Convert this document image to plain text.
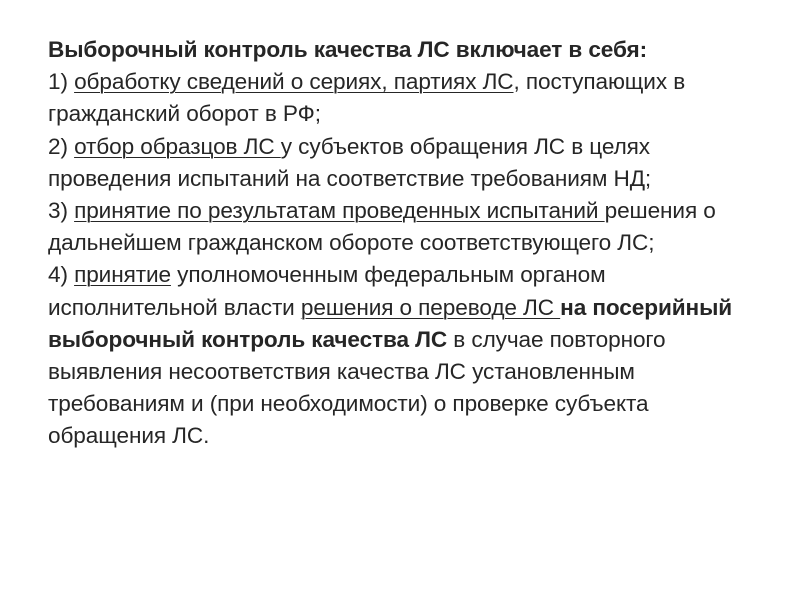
Выборочный контроль качества ЛС включает в себя:
1) обработку сведений о сериях, партиях ЛС, поступающих в гражданский оборот в РФ;
2) отбор образцов ЛС у субъектов обращения ЛС в целях проведения испытаний на соответствие требованиям НД;
3) принятие по результатам проведенных испытаний решения о дальнейшем гражданском обороте соответствующего ЛС;
4) принятие уполномоченным федеральным органом исполнительной власти решения о переводе ЛС на посерийный выборочный контроль качества ЛС в случае повторного выявления несоответствия качества ЛС установленным требованиям и (при необходимости) о проверке субъекта обращения ЛС.
